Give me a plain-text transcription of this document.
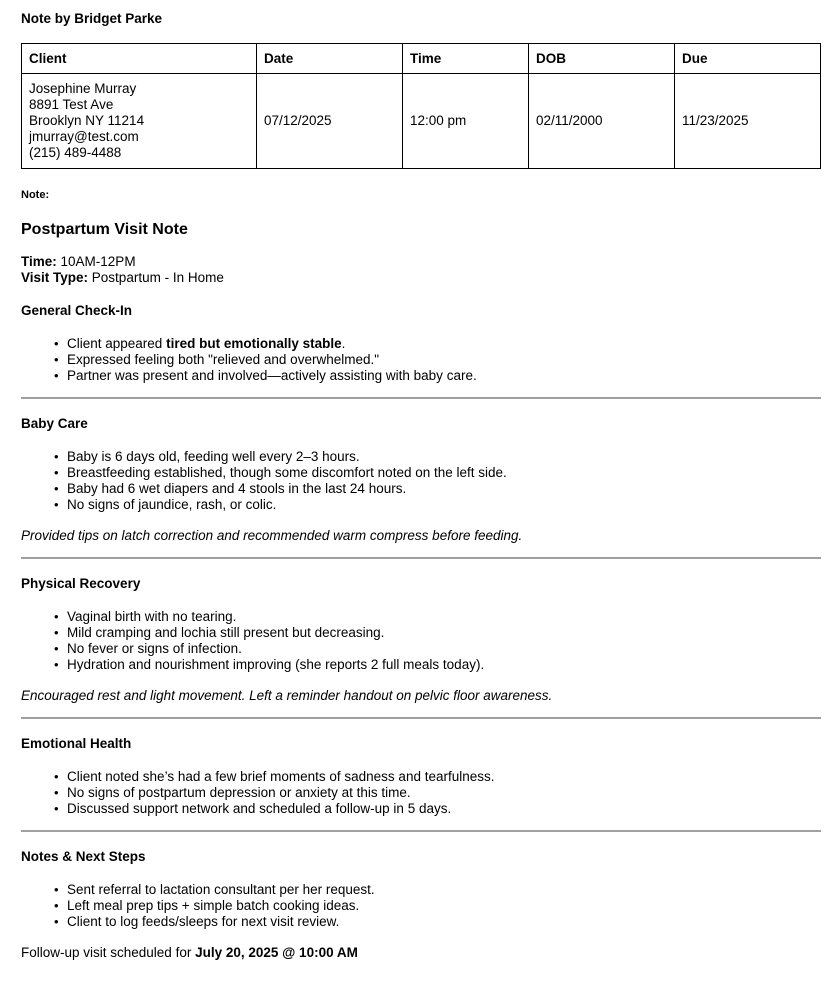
Note by Bridget Parke
Client	Date	Time	DOB	Due

Josephine Murray
8891 Test Ave
Brooklyn NY 11214
jmurray@test.com
(215) 489-4488	07/12/2025	12:00 pm	02/11/2000	11/23/2025
Note:
Postpartum Visit Note
Time: 10AM-12PM
Visit Type: Postpartum - In Home
General Check-In
• Client appeared tired but emotionally stable.
• Expressed feeling both "relieved and overwhelmed."
• Partner was present and involved—actively assisting with baby care.
Baby Care
• Baby is 6 days old, feeding well every 2–3 hours.
• Breastfeeding established, though some discomfort noted on the left side.
• Baby had 6 wet diapers and 4 stools in the last 24 hours.
• No signs of jaundice, rash, or colic.
Provided tips on latch correction and recommended warm compress before feeding.
Physical Recovery
• Vaginal birth with no tearing.
• Mild cramping and lochia still present but decreasing.
• No fever or signs of infection.
• Hydration and nourishment improving (she reports 2 full meals today).
Encouraged rest and light movement. Left a reminder handout on pelvic floor awareness.
Emotional Health
• Client noted she’s had a few brief moments of sadness and tearfulness.
• No signs of postpartum depression or anxiety at this time.
• Discussed support network and scheduled a follow-up in 5 days.
Notes & Next Steps
• Sent referral to lactation consultant per her request.
• Left meal prep tips + simple batch cooking ideas.
• Client to log feeds/sleeps for next visit review.
Follow-up visit scheduled for July 20, 2025 @ 10:00 AM
